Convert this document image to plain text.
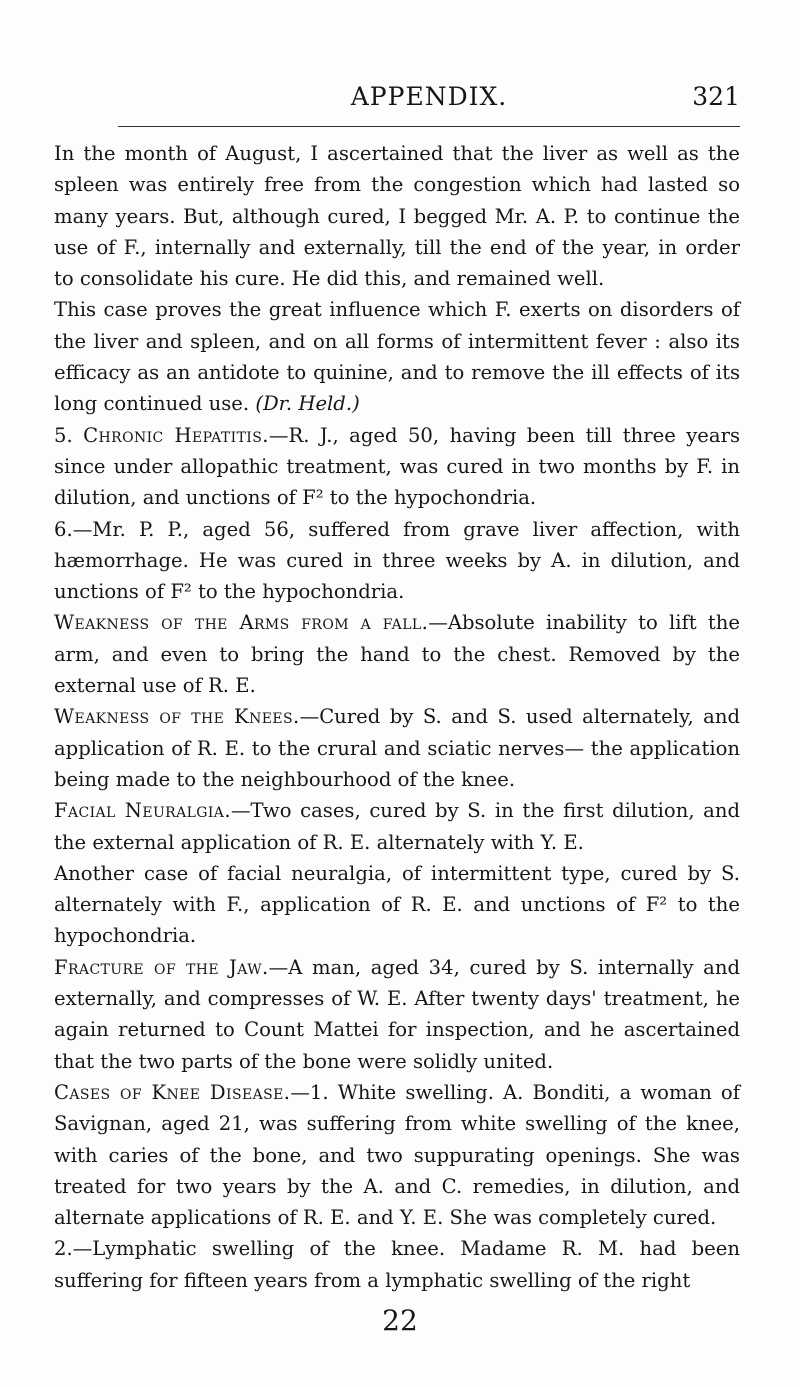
APPENDIX.	321

In the month of August, I ascertained that the liver as well as the spleen was entirely free from the congestion which had lasted so many years. But, although cured, I begged Mr. A. P. to continue the use of F., internally and externally, till the end of the year, in order to consolidate his cure. He did this, and remained well.

This case proves the great influence which F. exerts on disorders of the liver and spleen, and on all forms of intermittent fever : also its efficacy as an antidote to quinine, and to remove the ill effects of its long continued use. (Dr. Held.)

5. Chronic Hepatitis.—R. J., aged 50, having been till three years since under allopathic treatment, was cured in two months by F. in dilution, and unctions of F² to the hypochondria.

6.—Mr. P. P., aged 56, suffered from grave liver affection, with hæmorrhage. He was cured in three weeks by A. in dilution, and unctions of F² to the hypochondria.

Weakness of the Arms from a fall.—Absolute inability to lift the arm, and even to bring the hand to the chest. Removed by the external use of R. E.

Weakness of the Knees.—Cured by S. and S. used alternately, and application of R. E. to the crural and sciatic nerves— the application being made to the neighbourhood of the knee.

Facial Neuralgia.—Two cases, cured by S. in the first dilution, and the external application of R. E. alternately with Y. E.

Another case of facial neuralgia, of intermittent type, cured by S. alternately with F., application of R. E. and unctions of F² to the hypochondria.

Fracture of the Jaw.—A man, aged 34, cured by S. internally and externally, and compresses of W. E. After twenty days' treatment, he again returned to Count Mattei for inspection, and he ascertained that the two parts of the bone were solidly united.

Cases of Knee Disease.—1. White swelling. A. Bonditi, a woman of Savignan, aged 21, was suffering from white swelling of the knee, with caries of the bone, and two suppurating openings. She was treated for two years by the A. and C. remedies, in dilution, and alternate applications of R. E. and Y. E. She was completely cured.

2.—Lymphatic swelling of the knee. Madame R. M. had been suffering for fifteen years from a lymphatic swelling of the right

22
